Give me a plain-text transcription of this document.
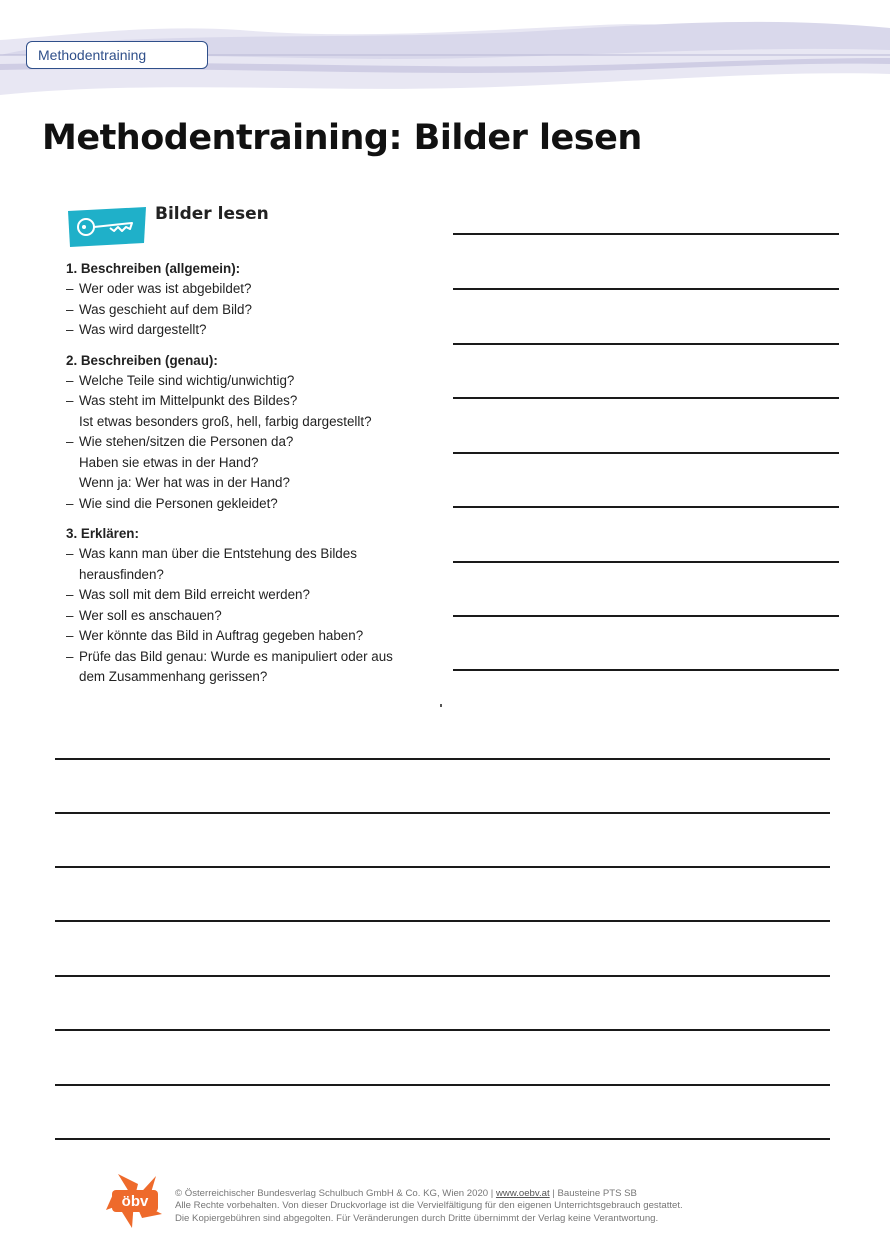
Methodentraining
Methodentraining: Bilder lesen
Bilder lesen
1. Beschreiben (allgemein):
– Wer oder was ist abgebildet?
– Was geschieht auf dem Bild?
– Was wird dargestellt?
2. Beschreiben (genau):
– Welche Teile sind wichtig/unwichtig?
– Was steht im Mittelpunkt des Bildes?
Ist etwas besonders groß, hell, farbig dargestellt?
– Wie stehen/sitzen die Personen da?
Haben sie etwas in der Hand?
Wenn ja: Wer hat was in der Hand?
– Wie sind die Personen gekleidet?
3. Erklären:
– Was kann man über die Entstehung des Bildes
herausfinden?
– Was soll mit dem Bild erreicht werden?
– Wer soll es anschauen?
– Wer könnte das Bild in Auftrag gegeben haben?
– Prüfe das Bild genau: Wurde es manipuliert oder aus
dem Zusammenhang gerissen?
öbv	© Österreichischer Bundesverlag Schulbuch GmbH & Co. KG, Wien 2020 | www.oebv.at | Bausteine PTS SB
Alle Rechte vorbehalten. Von dieser Druckvorlage ist die Vervielfältigung für den eigenen Unterrichtsgebrauch gestattet.
Die Kopiergebühren sind abgegolten. Für Veränderungen durch Dritte übernimmt der Verlag keine Verantwortung.
